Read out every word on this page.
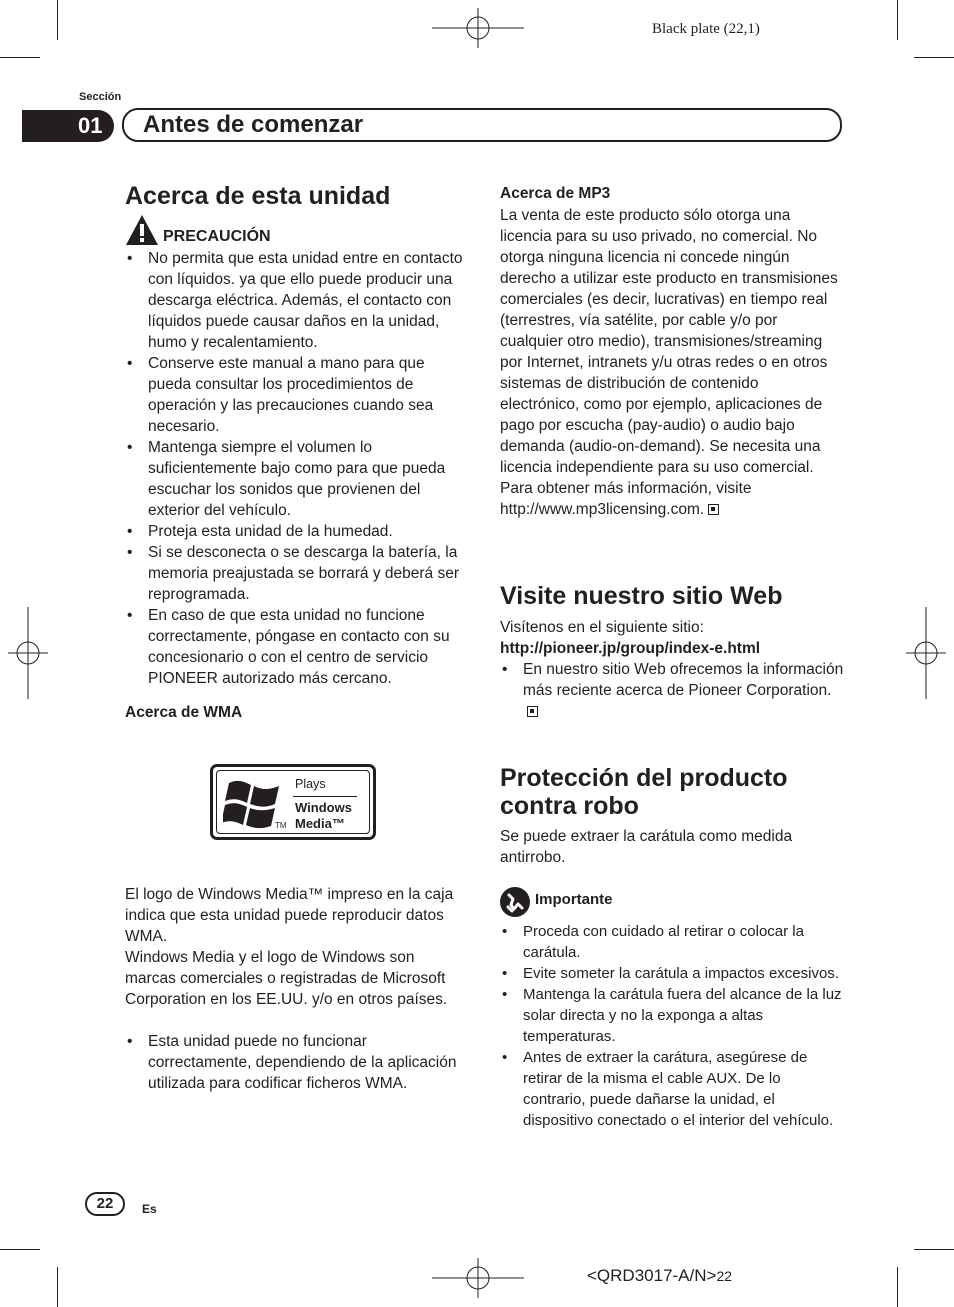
Black plate (22,1)
Sección
01	Antes de comenzar
Acerca de esta unidad
PRECAUCIÓN
• No permita que esta unidad entre en contacto con líquidos. ya que ello puede producir una descarga eléctrica. Además, el contacto con líquidos puede causar daños en la unidad, humo y recalentamiento.
• Conserve este manual a mano para que pueda consultar los procedimientos de operación y las precauciones cuando sea necesario.
• Mantenga siempre el volumen lo suficientemente bajo como para que pueda escuchar los sonidos que provienen del exterior del vehículo.
• Proteja esta unidad de la humedad.
• Si se desconecta o se descarga la batería, la memoria preajustada se borrará y deberá ser reprogramada.
• En caso de que esta unidad no funcione correctamente, póngase en contacto con su concesionario o con el centro de servicio PIONEER autorizado más cercano.
Acerca de WMA
Plays
Windows
Media™
TM
El logo de Windows Media™ impreso en la caja indica que esta unidad puede reproducir datos WMA.
Windows Media y el logo de Windows son marcas comerciales o registradas de Microsoft Corporation en los EE.UU. y/o en otros países.
• Esta unidad puede no funcionar correctamente, dependiendo de la aplicación utilizada para codificar ficheros WMA.
Acerca de MP3
La venta de este producto sólo otorga una licencia para su uso privado, no comercial. No otorga ninguna licencia ni concede ningún derecho a utilizar este producto en transmisiones comerciales (es decir, lucrativas) en tiempo real (terrestres, vía satélite, por cable y/o por cualquier otro medio), transmisiones/streaming por Internet, intranets y/u otras redes o en otros sistemas de distribución de contenido electrónico, como por ejemplo, aplicaciones de pago por escucha (pay-audio) o audio bajo demanda (audio-on-demand). Se necesita una licencia independiente para su uso comercial. Para obtener más información, visite
http://www.mp3licensing.com.
Visite nuestro sitio Web
Visítenos en el siguiente sitio:
http://pioneer.jp/group/index-e.html
• En nuestro sitio Web ofrecemos la información más reciente acerca de Pioneer Corporation.
Protección del producto
contra robo
Se puede extraer la carátula como medida antirrobo.
Importante
• Proceda con cuidado al retirar o colocar la carátula.
• Evite someter la carátula a impactos excesivos.
• Mantenga la carátula fuera del alcance de la luz solar directa y no la exponga a altas temperaturas.
• Antes de extraer la carátura, asegúrese de retirar de la misma el cable AUX. De lo contrario, puede dañarse la unidad, el dispositivo conectado o el interior del vehículo.
22	Es
<QRD3017-A/N>22
